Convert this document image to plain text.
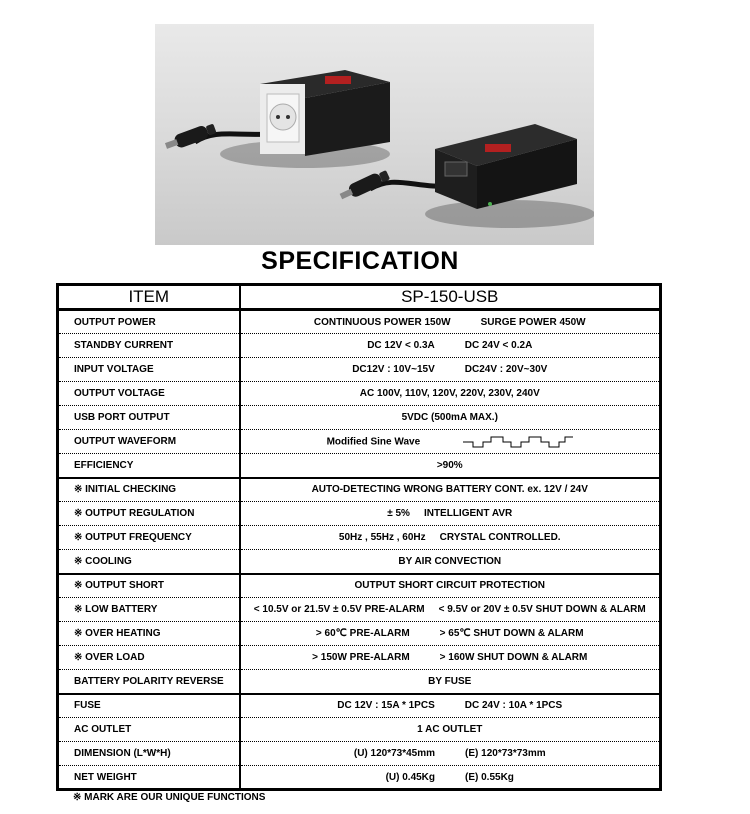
SPECIFICATION
ITEM	SP-150-USB
OUTPUT POWER	CONTINUOUS POWER 150W SURGE POWER 450W
STANDBY CURRENT	DC 12V < 0.3A DC 24V < 0.2A
INPUT VOLTAGE	DC12V : 10V~15V DC24V : 20V~30V
OUTPUT VOLTAGE	AC 100V, 110V, 120V, 220V, 230V, 240V
USB PORT OUTPUT	5VDC (500mA MAX.)
OUTPUT WAVEFORM	Modified Sine Wave
EFFICIENCY	>90%
※ INITIAL CHECKING	AUTO-DETECTING WRONG BATTERY CONT. ex. 12V / 24V
※ OUTPUT REGULATION	± 5% INTELLIGENT AVR
※ OUTPUT FREQUENCY	50Hz , 55Hz , 60Hz CRYSTAL CONTROLLED.
※ COOLING	BY AIR CONVECTION
※ OUTPUT SHORT	OUTPUT SHORT CIRCUIT PROTECTION
※ LOW BATTERY	< 10.5V or 21.5V ± 0.5V PRE-ALARM < 9.5V or 20V ± 0.5V SHUT DOWN & ALARM
※ OVER HEATING	> 60℃ PRE-ALARM > 65℃ SHUT DOWN & ALARM
※ OVER LOAD	> 150W PRE-ALARM > 160W SHUT DOWN & ALARM
BATTERY POLARITY REVERSE	BY FUSE
FUSE	DC 12V : 15A * 1PCS DC 24V : 10A * 1PCS
AC OUTLET	1 AC OUTLET
DIMENSION (L*W*H)	(U) 120*73*45mm (E) 120*73*73mm
NET WEIGHT	(U) 0.45Kg (E) 0.55Kg
※ MARK ARE OUR UNIQUE FUNCTIONS
